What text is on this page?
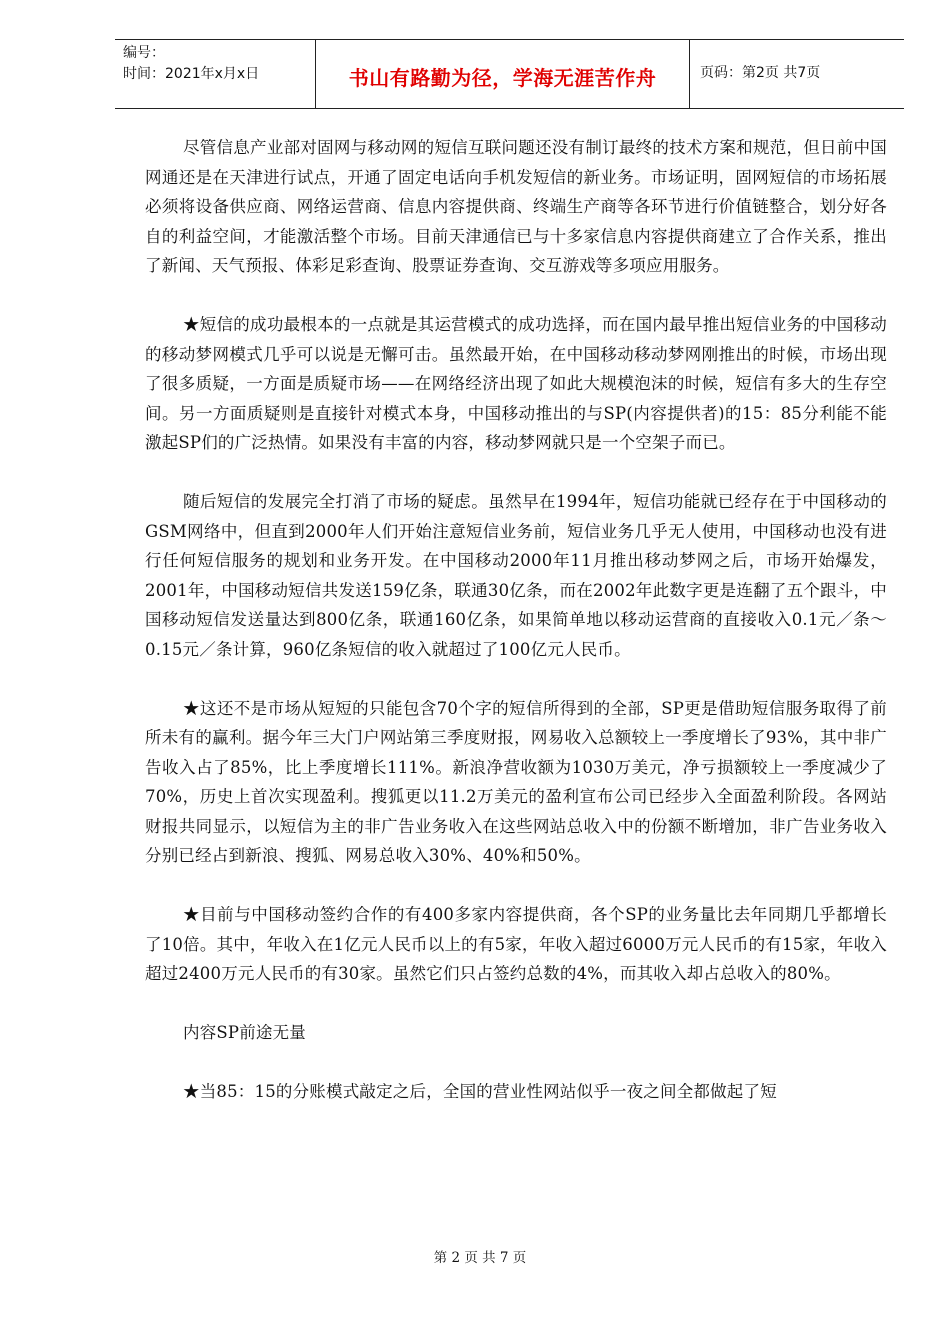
编号：
时间：2021年x月x日	书山有路勤为径，学海无涯苦作舟	页码：第2页 共7页

尽管信息产业部对固网与移动网的短信互联问题还没有制订最终的技术方案和规范，但日前中国网通还是在天津进行试点，开通了固定电话向手机发短信的新业务。市场证明，固网短信的市场拓展必须将设备供应商、网络运营商、信息内容提供商、终端生产商等各环节进行价值链整合，划分好各自的利益空间，才能激活整个市场。目前天津通信已与十多家信息内容提供商建立了合作关系，推出了新闻、天气预报、体彩足彩查询、股票证券查询、交互游戏等多项应用服务。

★短信的成功最根本的一点就是其运营模式的成功选择，而在国内最早推出短信业务的中国移动的移动梦网模式几乎可以说是无懈可击。虽然最开始，在中国移动移动梦网刚推出的时候，市场出现了很多质疑，一方面是质疑市场——在网络经济出现了如此大规模泡沫的时候，短信有多大的生存空间。另一方面质疑则是直接针对模式本身，中国移动推出的与SP(内容提供者)的15：85分利能不能激起SP们的广泛热情。如果没有丰富的内容，移动梦网就只是一个空架子而已。

随后短信的发展完全打消了市场的疑虑。虽然早在1994年，短信功能就已经存在于中国移动的GSM网络中，但直到2000年人们开始注意短信业务前，短信业务几乎无人使用，中国移动也没有进行任何短信服务的规划和业务开发。在中国移动2000年11月推出移动梦网之后，市场开始爆发，2001年，中国移动短信共发送159亿条，联通30亿条，而在2002年此数字更是连翻了五个跟斗，中国移动短信发送量达到800亿条，联通160亿条，如果简单地以移动运营商的直接收入0.1元／条～0.15元／条计算，960亿条短信的收入就超过了100亿元人民币。

★这还不是市场从短短的只能包含70个字的短信所得到的全部，SP更是借助短信服务取得了前所未有的赢利。据今年三大门户网站第三季度财报，网易收入总额较上一季度增长了93%，其中非广告收入占了85%，比上季度增长111%。新浪净营收额为1030万美元，净亏损额较上一季度减少了70%，历史上首次实现盈利。搜狐更以11.2万美元的盈利宣布公司已经步入全面盈利阶段。各网站财报共同显示，以短信为主的非广告业务收入在这些网站总收入中的份额不断增加，非广告业务收入分别已经占到新浪、搜狐、网易总收入30%、40%和50%。

★目前与中国移动签约合作的有400多家内容提供商，各个SP的业务量比去年同期几乎都增长了10倍。其中，年收入在1亿元人民币以上的有5家，年收入超过6000万元人民币的有15家，年收入超过2400万元人民币的有30家。虽然它们只占签约总数的4%，而其收入却占总收入的80%。

内容SP前途无量

★当85：15的分账模式敲定之后，全国的营业性网站似乎一夜之间全都做起了短

第 2 页 共 7 页
